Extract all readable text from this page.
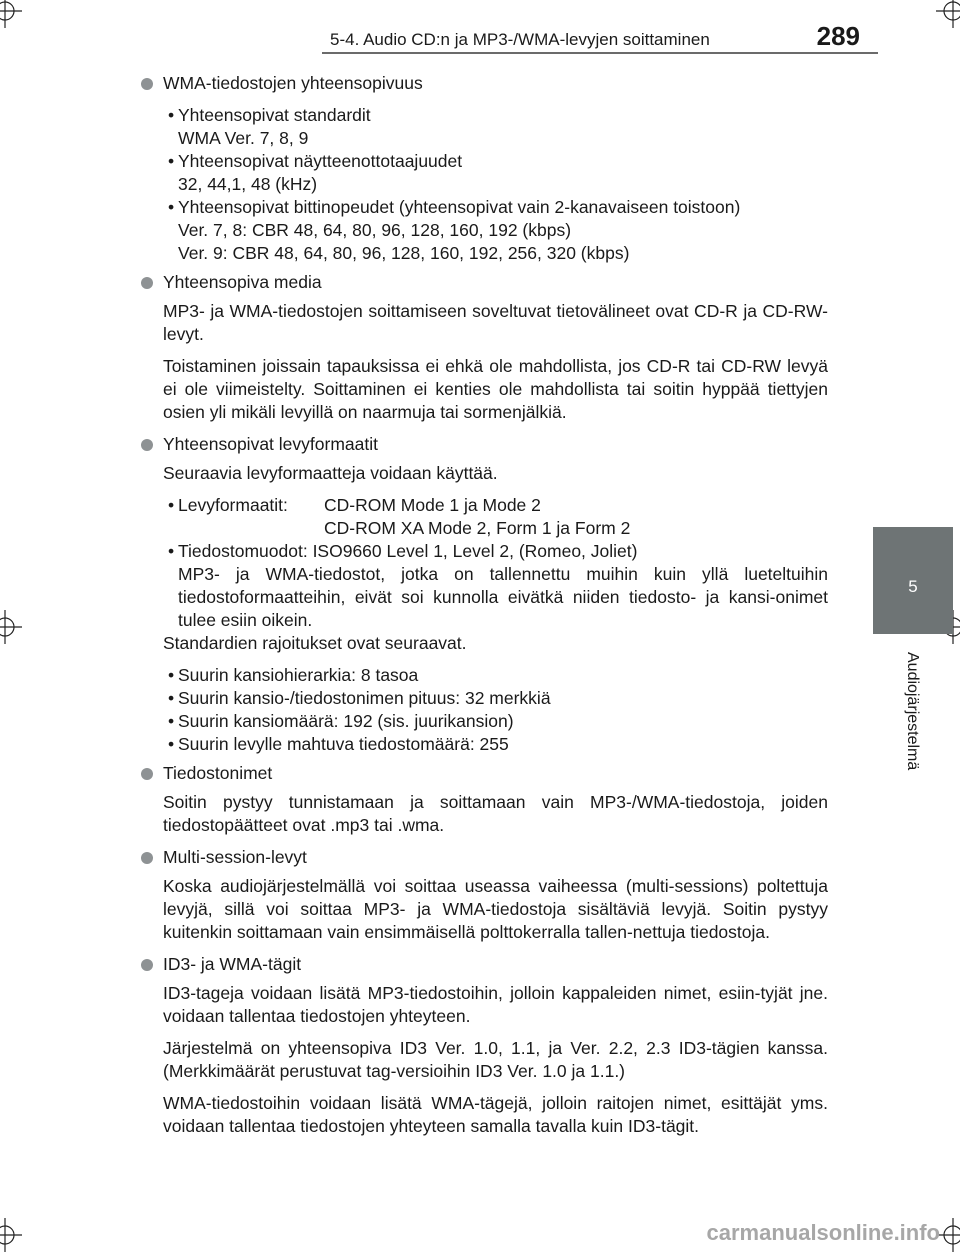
5-4. Audio CD:n ja MP3-/WMA-levyjen soittaminen	289
5
Audiojärjestelmä
WMA-tiedostojen yhteensopivuus
• Yhteensopivat standardit
WMA Ver. 7, 8, 9
• Yhteensopivat näytteenottotaajuudet
32, 44,1, 48 (kHz)
• Yhteensopivat bittinopeudet (yhteensopivat vain 2-kanavaiseen toistoon)
Ver. 7, 8: CBR 48, 64, 80, 96, 128, 160, 192 (kbps)
Ver. 9: CBR 48, 64, 80, 96, 128, 160, 192, 256, 320 (kbps)
Yhteensopiva media

MP3- ja WMA-tiedostojen soittamiseen soveltuvat tietovälineet ovat CD-R ja CD-RW-levyt.

Toistaminen joissain tapauksissa ei ehkä ole mahdollista, jos CD-R tai CD-RW levyä ei ole viimeistelty. Soittaminen ei kenties ole mahdollista tai soitin hyppää tiettyjen osien yli mikäli levyillä on naarmuja tai sormenjälkiä.

Yhteensopivat levyformaatit

Seuraavia levyformaatteja voidaan käyttää.

• Levyformaatit:	CD-ROM Mode 1 ja Mode 2
CD-ROM XA Mode 2, Form 1 ja Form 2
• Tiedostomuodot: ISO9660 Level 1, Level 2, (Romeo, Joliet)
MP3- ja WMA-tiedostot, jotka on tallennettu muihin kuin yllä lueteltuihin tiedostoformaatteihin, eivät soi kunnolla eivätkä niiden tiedosto- ja kansi-onimet tulee esiin oikein.
Standardien rajoitukset ovat seuraavat.
• Suurin kansiohierarkia: 8 tasoa
• Suurin kansio-/tiedostonimen pituus: 32 merkkiä
• Suurin kansiomäärä: 192 (sis. juurikansion)
• Suurin levylle mahtuva tiedostomäärä: 255
Tiedostonimet

Soitin pystyy tunnistamaan ja soittamaan vain MP3-/WMA-tiedostoja, joiden tiedostopäätteet ovat .mp3 tai .wma.

Multi-session-levyt

Koska audiojärjestelmällä voi soittaa useassa vaiheessa (multi-sessions) poltettuja levyjä, sillä voi soittaa MP3- ja WMA-tiedostoja sisältäviä levyjä. Soitin pystyy kuitenkin soittamaan vain ensimmäisellä polttokerralla tallen-nettuja tiedostoja.

ID3- ja WMA-tägit

ID3-tageja voidaan lisätä MP3-tiedostoihin, jolloin kappaleiden nimet, esiin-tyjät jne. voidaan tallentaa tiedostojen yhteyteen.

Järjestelmä on yhteensopiva ID3 Ver. 1.0, 1.1, ja Ver. 2.2, 2.3 ID3-tägien kanssa. (Merkkimäärät perustuvat tag-versioihin ID3 Ver. 1.0 ja 1.1.)

WMA-tiedostoihin voidaan lisätä WMA-tägejä, jolloin raitojen nimet, esittäjät yms. voidaan tallentaa tiedostojen yhteyteen samalla tavalla kuin ID3-tägit.

carmanualsonline.info
